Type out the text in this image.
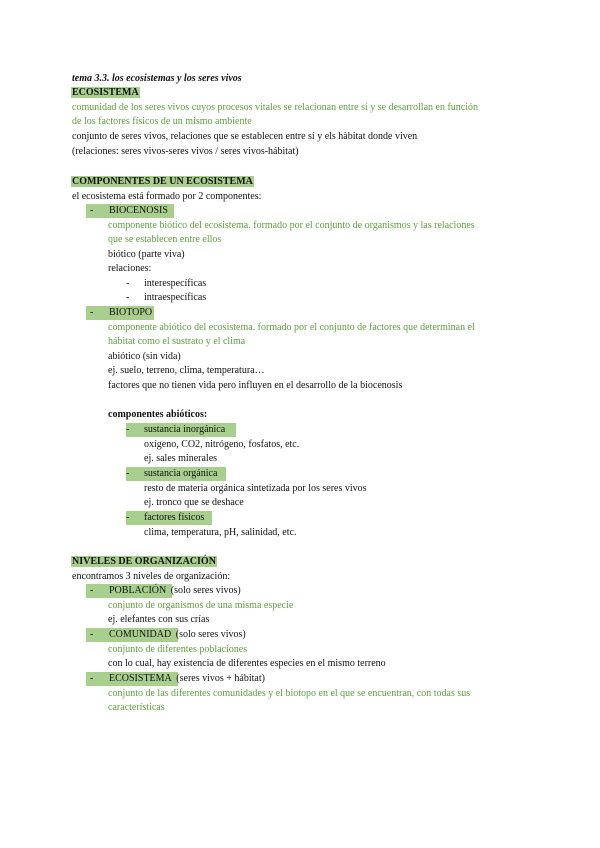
tema 3.3. los ecosistemas y los seres vivos
ECOSISTEMA
comunidad de los seres vivos cuyos procesos vitales se relacionan entre sí y se desarrollan en función
de los factores físicos de un mismo ambiente
conjunto de seres vivos, relaciones que se establecen entre sí y els hàbitat donde viven
(relaciones: seres vivos-seres vivos / seres vivos-hábitat)
COMPONENTES DE UN ECOSISTEMA
el ecosistema está formado por 2 componentes:
-	BIOCENOSIS
componente biótico del ecosistema. formado por el conjunto de organismos y las relaciones
que se establecen entre ellos
biótico (parte viva)
relaciones:
-	interespecíficas
-	intraespecíficas
-	BIOTOPO
componente abiótico del ecosistema. formado por el conjunto de factores que determinan el
hábitat como el sustrato y el clima
abiótico (sin vida)
ej. suelo, terreno, clima, temperatura…
factores que no tienen vida pero influyen en el desarrollo de la biocenosis
componentes abióticos:
-	sustancia inorgánica
oxígeno, CO2, nitrógeno, fosfatos, etc.
ej. sales minerales
-	sustancia orgánica
resto de materia orgánica sintetizada por los seres vivos
ej. tronco que se deshace
-	factores físicos
clima, temperatura, pH, salinidad, etc.
NIVELES DE ORGANIZACIÓN
encontramos 3 niveles de organización:
-	POBLACIÓN (solo seres vivos)
conjunto de organismos de una misma especie
ej. elefantes con sus crías
-	COMUNIDAD (solo seres vivos)
conjunto de diferentes poblaciones
con lo cual, hay existencia de diferentes especies en el mismo terreno
-	ECOSISTEMA (seres vivos + hábitat)
conjunto de las diferentes comunidades y el biotopo en el que se encuentran, con todas sus
características
